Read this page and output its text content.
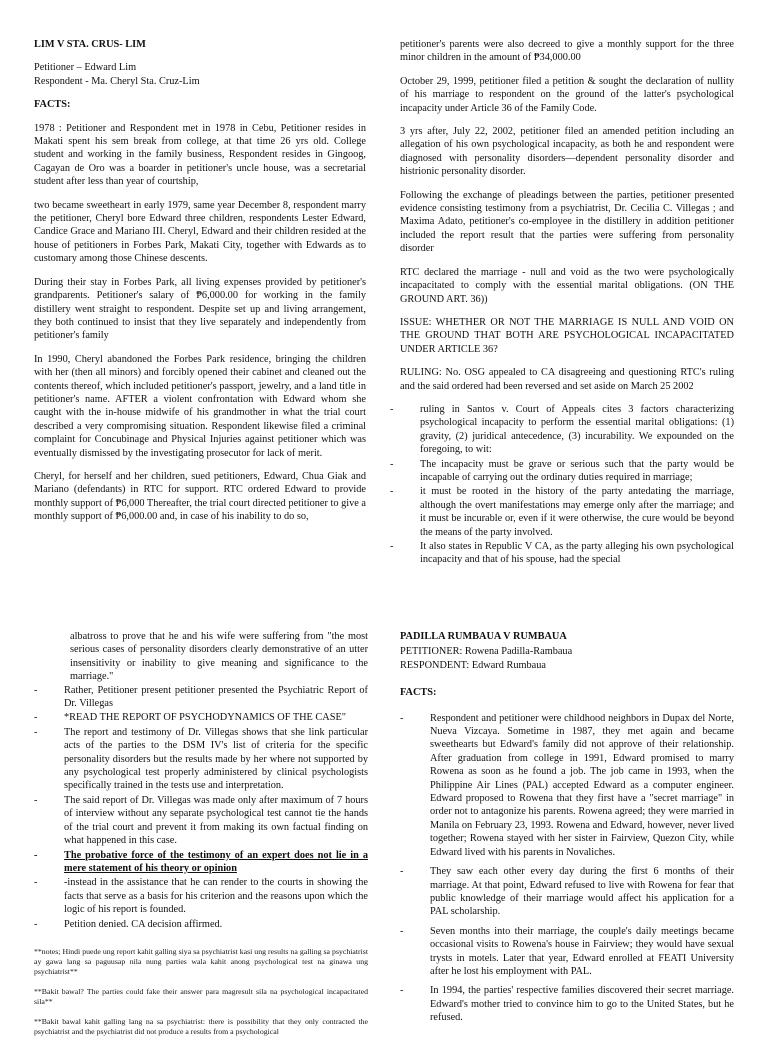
LIM V STA. CRUS- LIM

Petitioner – Edward Lim

Respondent - Ma. Cheryl Sta. Cruz-Lim

FACTS:

1978 : Petitioner and Respondent met in 1978 in Cebu, Petitioner resides in Makati spent his sem break from college, at that time 26 yrs old. College student and working in the family business, Respondent resides in Gingoog, Cagayan de Oro was a boarder in petitioner's uncle house, was a secretarial student after less than year of courtship,

two became sweetheart in early 1979, same year December 8, respondent marry the petitioner, Cheryl bore Edward three children, respondents Lester Edward, Candice Grace and Mariano III. Cheryl, Edward and their children resided at the house of petitioners in Forbes Park, Makati City, together with Edwards as to customary among those Chinese descents.

During their stay in Forbes Park, all living expenses provided by petitioner's grandparents. Petitioner's salary of ₱6,000.00 for working in the family distillery went straight to respondent. Despite set up and living arrangement, they both continued to insist that they live separately and independently from petitioner's family

In 1990, Cheryl abandoned the Forbes Park residence, bringing the children with her (then all minors) and forcibly opened their cabinet and cleaned out the contents thereof, which included petitioner's passport, jewelry, and a land title in petitioner's name. AFTER a violent confrontation with Edward whom she caught with the in-house midwife of his grandmother in what the trial court described a very compromising situation. Respondent likewise filed a criminal complaint for Concubinage and Physical Injuries against petitioner which was eventually dismissed by the investigating prosecutor for lack of merit.

Cheryl, for herself and her children, sued petitioners, Edward, Chua Giak and Mariano (defendants) in RTC for support. RTC ordered Edward to provide monthly support of ₱6,000 Thereafter, the trial court directed petitioner to give a monthly support of ₱6,000.00 and, in case of his inability to do so,

petitioner's parents were also decreed to give a monthly support for the three minor children in the amount of ₱34,000.00

October 29, 1999, petitioner filed a petition & sought the declaration of nullity of his marriage to respondent on the ground of the latter's psychological incapacity under Article 36 of the Family Code.

3 yrs after, July 22, 2002, petitioner filed an amended petition including an allegation of his own psychological incapacity, as both he and respondent were diagnosed with personality disorders—dependent personality disorder and histrionic personality disorder.

Following the exchange of pleadings between the parties, petitioner presented evidence consisting testimony from a psychiatrist, Dr. Cecilia C. Villegas ; and Maxima Adato, petitioner's co-employee in the distillery in addition petitioner included the report result that the parties were suffering from personality disorder

RTC declared the marriage - null and void as the two were psychologically incapacitated to comply with the essential marital obligations. (ON THE GROUND ART. 36))

ISSUE: WHETHER OR NOT THE MARRIAGE IS NULL AND VOID ON THE GROUND THAT BOTH ARE PSYCHOLOGICAL INCAPACITATED UNDER ARTICLE 36?

RULING: No. OSG appealed to CA disagreeing and questioning RTC's ruling and the said ordered had been reversed and set aside on March 25 2002

- ruling in Santos v. Court of Appeals cites 3 factors characterizing psychological incapacity to perform the essential marital obligations: (1) gravity, (2) juridical antecedence, (3) incurability. We expounded on the foregoing, to wit:
- The incapacity must be grave or serious such that the party would be incapable of carrying out the ordinary duties required in marriage;
- it must be rooted in the history of the party antedating the marriage, although the overt manifestations may emerge only after the marriage; and it must be incurable or, even if it were otherwise, the cure would be beyond the means of the party involved.
- It also states in Republic V CA, as the party alleging his own psychological incapacity and that of his spouse, had the special

albatross to prove that he and his wife were suffering from "the most serious cases of personality disorders clearly demonstrative of an utter insensitivity or inability to give meaning and significance to the marriage."

- Rather, Petitioner present petitioner presented the Psychiatric Report of Dr. Villegas
- *READ THE REPORT OF PSYCHODYNAMICS OF THE CASE"
- The report and testimony of Dr. Villegas shows that she link particular acts of the parties to the DSM IV's list of criteria for the specific personality disorders but the results made by her where not supported by any psychological test properly administered by clinical psychologists specifically trained in the tests use and interpretation.
- The said report of Dr. Villegas was made only after maximum of 7 hours of interview without any separate psychological test cannot tie the hands of the trial court and prevent it from making its own factual finding on what happened in this case.
- The probative force of the testimony of an expert does not lie in a mere statement of his theory or opinion
- -instead in the assistance that he can render to the courts in showing the facts that serve as a basis for his criterion and the reasons upon which the logic of his report is founded.
- Petition denied. CA decision affirmed.

**notes; Hindi puede ung report kahit galling siya sa psychiatrist kasi ung results na galling sa psychiatrist ay gawa lang sa paguusap nila nung parties wala kahit anong psychological test na ginawa ung psychiatrist**

**Bakit bawal? The parties could fake their answer para magresult sila na psychological incapacitated sila**

**Bakit bawal kahit galling lang na sa psychiatrist: there is possibility that they only contracted the psychiatrist and the psychiatrist did not produce a results from a psychological

PADILLA RUMBAUA V RUMBAUA

PETITIONER: Rowena Padilla-Rambaua

RESPONDENT: Edward Rumbaua

FACTS:

- Respondent and petitioner were childhood neighbors in Dupax del Norte, Nueva Vizcaya. Sometime in 1987, they met again and became sweethearts but Edward's family did not approve of their relationship. After graduation from college in 1991, Edward promised to marry Rowena as soon as he found a job. The job came in 1993, when the Philippine Air Lines (PAL) accepted Edward as a computer engineer. Edward proposed to Rowena that they first have a "secret marriage" in order not to antagonize his parents. Rowena agreed; they were married in Manila on February 23, 1993. Rowena and Edward, however, never lived together; Rowena stayed with her sister in Fairview, Quezon City, while Edward lived with his parents in Novaliches.
- They saw each other every day during the first 6 months of their marriage. At that point, Edward refused to live with Rowena for fear that public knowledge of their marriage would affect his application for a PAL scholarship.
- Seven months into their marriage, the couple's daily meetings became occasional visits to Rowena's house in Fairview; they would have sexual trysts in motels. Later that year, Edward enrolled at FEATI University after he lost his employment with PAL.
- In 1994, the parties' respective families discovered their secret marriage. Edward's mother tried to convince him to go to the United States, but he refused.
